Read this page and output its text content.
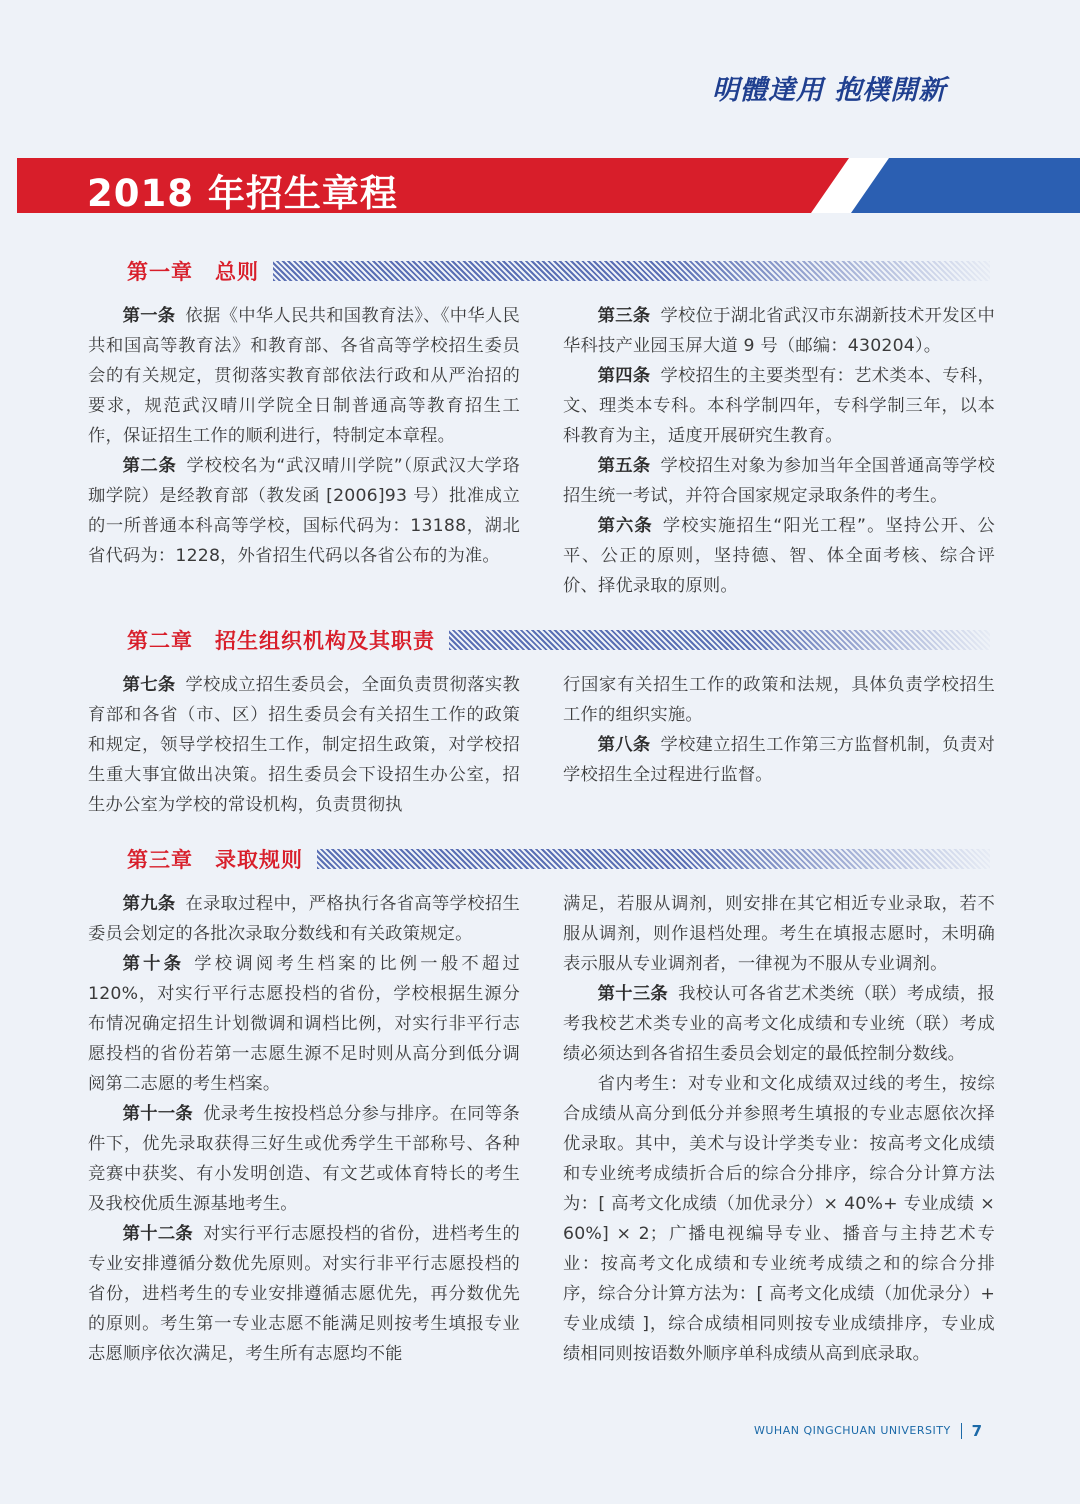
明體達用 抱樸開新
2018 年招生章程
第一章 总则

第一条 依据《中华人民共和国教育法》、《中华人民共和国高等教育法》和教育部、各省高等学校招生委员会的有关规定，贯彻落实教育部依法行政和从严治招的要求，规范武汉晴川学院全日制普通高等教育招生工作，保证招生工作的顺利进行，特制定本章程。

第二条 学校校名为“武汉晴川学院”（原武汉大学珞珈学院）是经教育部（教发函 [2006]93 号）批准成立的一所普通本科高等学校，国标代码为：13188，湖北省代码为：1228，外省招生代码以各省公布的为准。

第三条 学校位于湖北省武汉市东湖新技术开发区中华科技产业园玉屏大道 9 号（邮编：430204）。

第四条 学校招生的主要类型有：艺术类本、专科，文、理类本专科。本科学制四年，专科学制三年，以本科教育为主，适度开展研究生教育。

第五条 学校招生对象为参加当年全国普通高等学校招生统一考试，并符合国家规定录取条件的考生。

第六条 学校实施招生“阳光工程”。坚持公开、公平、公正的原则，坚持德、智、体全面考核、综合评价、择优录取的原则。

第二章 招生组织机构及其职责

第七条 学校成立招生委员会，全面负责贯彻落实教育部和各省（市、区）招生委员会有关招生工作的政策和规定，领导学校招生工作，制定招生政策，对学校招生重大事宜做出决策。招生委员会下设招生办公室，招生办公室为学校的常设机构，负责贯彻执

行国家有关招生工作的政策和法规，具体负责学校招生工作的组织实施。

第八条 学校建立招生工作第三方监督机制，负责对学校招生全过程进行监督。

第三章 录取规则

第九条 在录取过程中，严格执行各省高等学校招生委员会划定的各批次录取分数线和有关政策规定。

第十条 学校调阅考生档案的比例一般不超过 120%，对实行平行志愿投档的省份，学校根据生源分布情况确定招生计划微调和调档比例，对实行非平行志愿投档的省份若第一志愿生源不足时则从高分到低分调阅第二志愿的考生档案。

第十一条 优录考生按投档总分参与排序。在同等条件下，优先录取获得三好生或优秀学生干部称号、各种竞赛中获奖、有小发明创造、有文艺或体育特长的考生及我校优质生源基地考生。

第十二条 对实行平行志愿投档的省份，进档考生的专业安排遵循分数优先原则。对实行非平行志愿投档的省份，进档考生的专业安排遵循志愿优先，再分数优先的原则。考生第一专业志愿不能满足则按考生填报专业志愿顺序依次满足，考生所有志愿均不能

满足，若服从调剂，则安排在其它相近专业录取，若不服从调剂，则作退档处理。考生在填报志愿时，未明确表示服从专业调剂者，一律视为不服从专业调剂。

第十三条 我校认可各省艺术类统（联）考成绩，报考我校艺术类专业的高考文化成绩和专业统（联）考成绩必须达到各省招生委员会划定的最低控制分数线。

省内考生：对专业和文化成绩双过线的考生，按综合成绩从高分到低分并参照考生填报的专业志愿依次择优录取。其中，美术与设计学类专业：按高考文化成绩和专业统考成绩折合后的综合分排序，综合分计算方法为：[ 高考文化成绩（加优录分）× 40%+ 专业成绩 × 60%] × 2；广播电视编导专业、播音与主持艺术专业：按高考文化成绩和专业统考成绩之和的综合分排序，综合分计算方法为：[ 高考文化成绩（加优录分）+ 专业成绩 ]，综合成绩相同则按专业成绩排序，专业成绩相同则按语数外顺序单科成绩从高到底录取。

WUHAN QINGCHUAN UNIVERSITY 7
